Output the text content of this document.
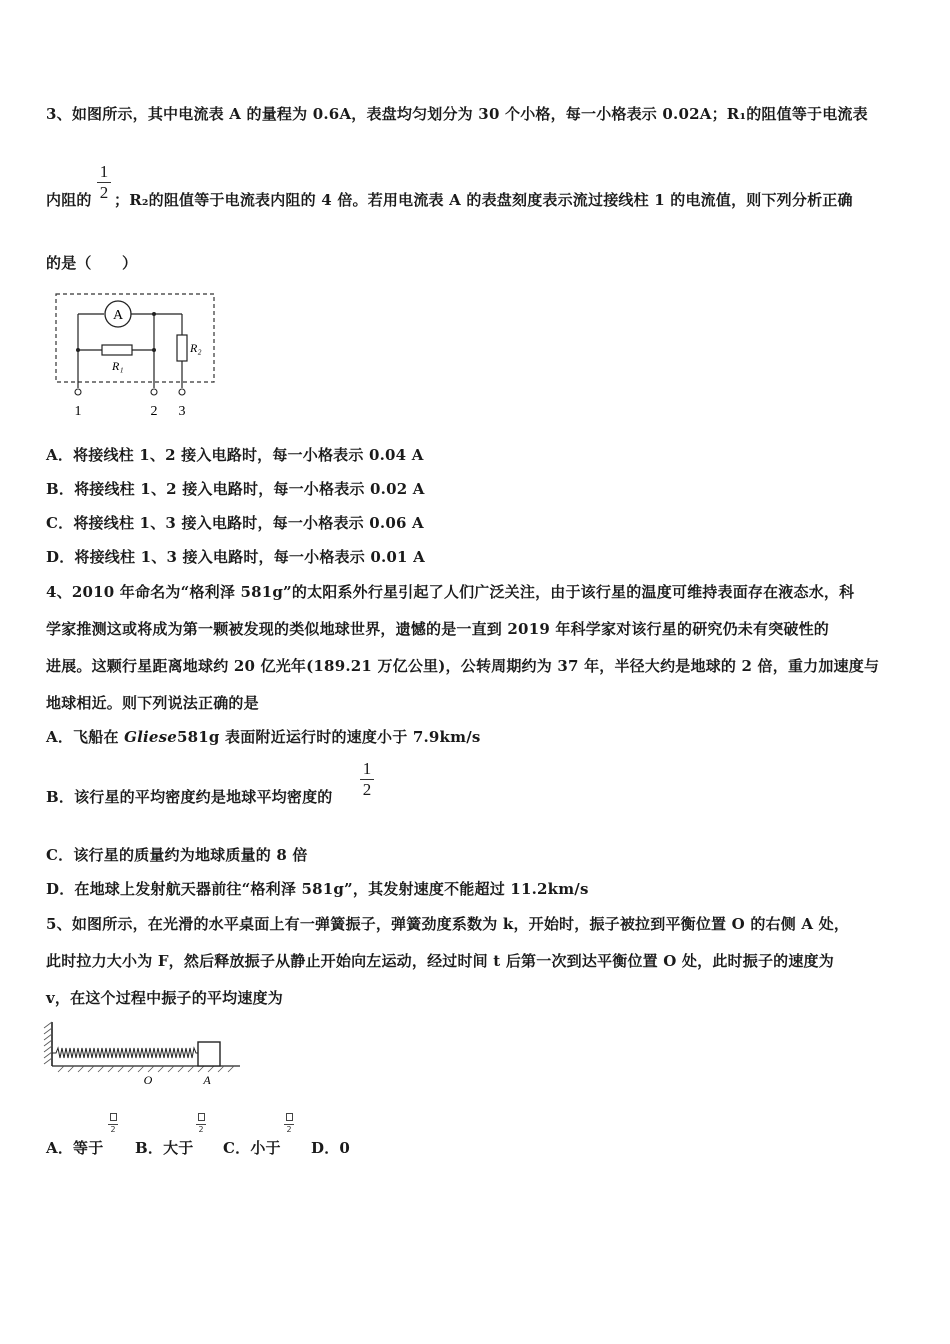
3、如图所示，其中电流表 A 的量程为 0.6A，表盘均匀划分为 30 个小格，每一小格表示 0.02A；R₁的阻值等于电流表
内阻的
1
2 ；R₂的阻值等于电流表内阻的 4 倍。若用电流表 A 的表盘刻度表示流过接线柱 1 的电流值，则下列分析正确
的是（　　）
A
R₁
R₂
1	2 3
A．将接线柱 1、2 接入电路时，每一小格表示 0.04 A
B．将接线柱 1、2 接入电路时，每一小格表示 0.02 A
C．将接线柱 1、3 接入电路时，每一小格表示 0.06 A
D．将接线柱 1、3 接入电路时，每一小格表示 0.01 A
4、2010 年命名为“格利泽 581g”的太阳系外行星引起了人们广泛关注，由于该行星的温度可维持表面存在液态水，科
学家推测这或将成为第一颗被发现的类似地球世界，遗憾的是一直到 2019 年科学家对该行星的研究仍未有突破性的
进展。这颗行星距离地球约 20 亿光年(189.21 万亿公里)，公转周期约为 37 年，半径大约是地球的 2 倍，重力加速度与
地球相近。则下列说法正确的是
A．飞船在 Gliese581g 表面附近运行时的速度小于 7.9km/s
B．该行星的平均密度约是地球平均密度的
1
2
C．该行星的质量约为地球质量的 8 倍
D．在地球上发射航天器前往“格利泽 581g”，其发射速度不能超过 11.2km/s
5、如图所示，在光滑的水平桌面上有一弹簧振子，弹簧劲度系数为 k，开始时，振子被拉到平衡位置 O 的右侧 A 处，
此时拉力大小为 F，然后释放振子从静止开始向左运动，经过时间 t 后第一次到达平衡位置 O 处，此时振子的速度为
v，在这个过程中振子的平均速度为
O	A
A．等于
2
B．大于
2
C．小于
2
D．0
